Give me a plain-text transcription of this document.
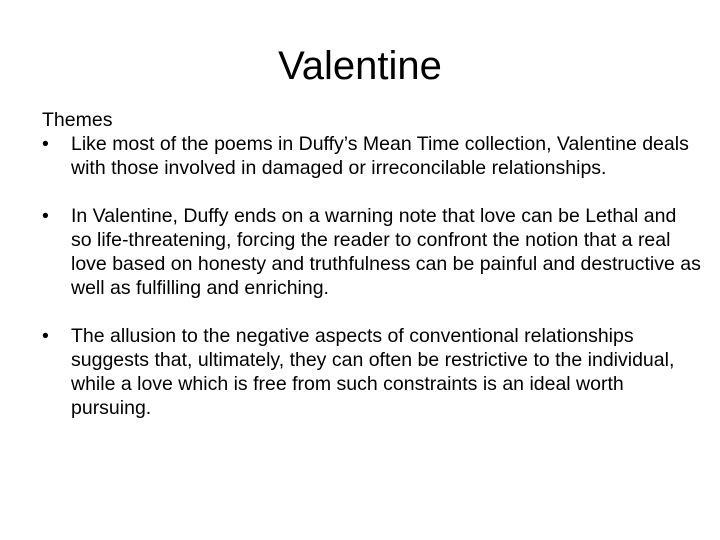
Valentine

Themes

• Like most of the poems in Duffy’s Mean Time collection, Valentine deals with those involved in damaged or irreconcilable relationships.
• In Valentine, Duffy ends on a warning note that love can be Lethal and so life-threatening, forcing the reader to confront the notion that a real love based on honesty and truthfulness can be painful and destructive as well as fulfilling and enriching.
• The allusion to the negative aspects of conventional relationships suggests that, ultimately, they can often be restrictive to the individual, while a love which is free from such constraints is an ideal worth pursuing.
